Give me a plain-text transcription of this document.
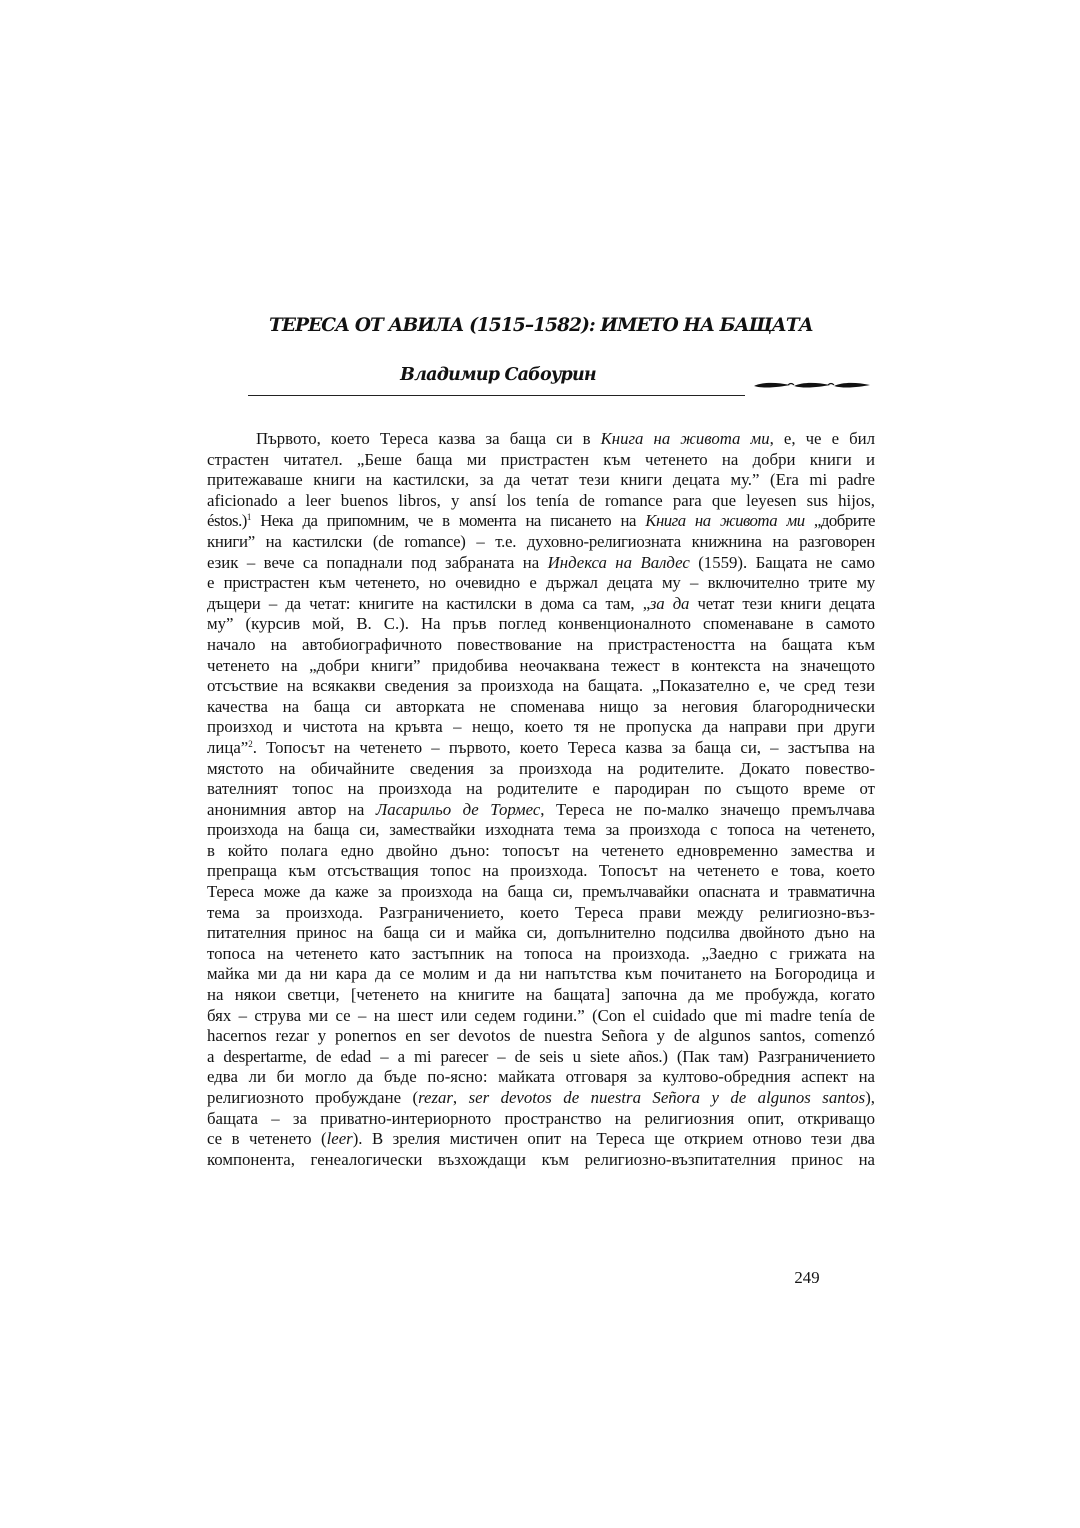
ТЕРЕСА ОТ АВИЛА (1515–1582): ИМЕТО НА БАЩАТА
Владимир Сабоурин
Първото, което Тереса казва за баща си в Книга на живота ми, е, че е бил
страстен читател. „Беше баща ми пристрастен към четенето на добри книги и
притежаваше книги на кастилски, за да четат тези книги децата му.” (Era mi padre
aficionado a leer buenos libros, y ansí los tenía de romance para que leyesen sus hijos,
éstos.)$^1$ Нека да припомним, че в момента на писането на Книга на живота ми „добрите
книги” на кастилски (de romance) – т.е. духовно-религиозната книжнина на разговорен
език – вече са попаднали под забраната на Индекса на Валдес (1559). Бащата не само
е пристрастен към четенето, но очевидно е държал децата му – включително трите му
дъщери – да четат: книгите на кастилски в дома са там, „за да четат тези книги децата
му” (курсив мой, В. С.). На пръв поглед конвенционалното споменаване в самото
начало на автобиографичното повествование на пристрастеността на бащата към
четенето на „добри книги” придобива неочаквана тежест в контекста на значещото
отсъствие на всякакви сведения за произхода на бащата. „Показателно е, че сред тези
качества на баща си авторката не споменава нищо за неговия благороднически
произход и чистота на кръвта – нещо, което тя не пропуска да направи при други
лица”$^2$. Топосът на четенето – първото, което Тереса казва за баща си, – застъпва на
мястото на обичайните сведения за произхода на родителите. Докато повество-
вателният топос на произхода на родителите е пародиран по същото време от
анонимния автор на Ласарильо де Тормес, Тереса не по-малко значещо премълчава
произхода на баща си, замествайки изходната тема за произхода с топоса на четенето,
в който полага едно двойно дъно: топосът на четенето едновременно замества и
препраща към отсъстващия топос на произхода. Топосът на четенето е това, което
Тереса може да каже за произхода на баща си, премълчавайки опасната и травматична
тема за произхода. Разграничението, което Тереса прави между религиозно-въз-
питателния принос на баща си и майка си, допълнително подсилва двойното дъно на
топоса на четенето като застъпник на топоса на произхода. „Заедно с грижата на
майка ми да ни кара да се молим и да ни напътства към почитането на Богородица и
на някои светци, [четенето на книгите на бащата] започна да ме пробужда, когато
бях – струва ми се – на шест или седем години.” (Con el cuidado que mi madre tenía de
hacernos rezar y ponernos en ser devotos de nuestra Señora y de algunos santos, comenzó
a despertarme, de edad – a mi parecer – de seis u siete años.) (Пак там) Разграничението
едва ли би могло да бъде по-ясно: майката отговаря за култово-обредния аспект на
религиозното пробуждане (rezar, ser devotos de nuestra Señora y de algunos santos),
бащата – за приватно-интериорното пространство на религиозния опит, откриващо
се в четенето (leer). В зрелия мистичен опит на Тереса ще открием отново тези два
компонента, генеалогически възхождащи към религиозно-възпитателния принос на
249
